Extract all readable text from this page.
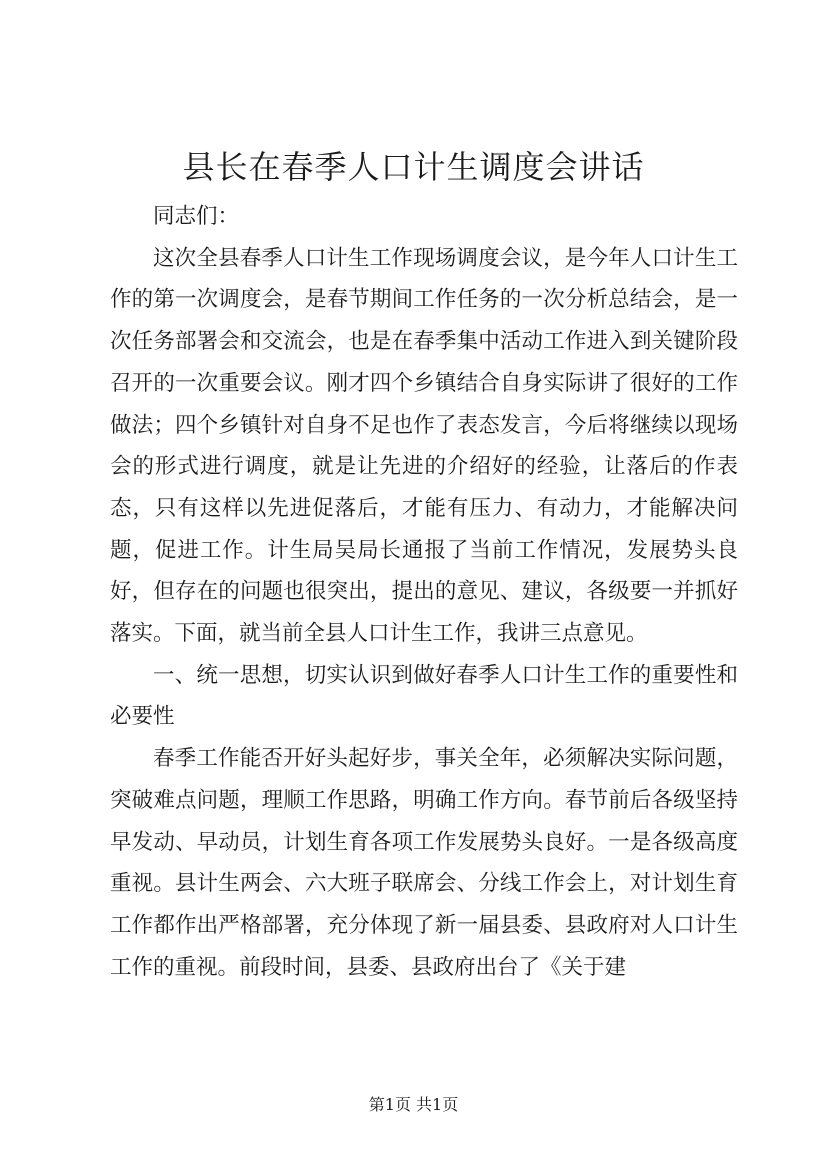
县长在春季人口计生调度会讲话

同志们：

这次全县春季人口计生工作现场调度会议，是今年人口计生工作的第一次调度会，是春节期间工作任务的一次分析总结会，是一次任务部署会和交流会，也是在春季集中活动工作进入到关键阶段召开的一次重要会议。刚才四个乡镇结合自身实际讲了很好的工作做法；四个乡镇针对自身不足也作了表态发言，今后将继续以现场会的形式进行调度，就是让先进的介绍好的经验，让落后的作表态，只有这样以先进促落后，才能有压力、有动力，才能解决问题，促进工作。计生局吴局长通报了当前工作情况，发展势头良好，但存在的问题也很突出，提出的意见、建议，各级要一并抓好落实。下面，就当前全县人口计生工作，我讲三点意见。

一、统一思想，切实认识到做好春季人口计生工作的重要性和必要性

春季工作能否开好头起好步，事关全年，必须解决实际问题，突破难点问题，理顺工作思路，明确工作方向。春节前后各级坚持早发动、早动员，计划生育各项工作发展势头良好。一是各级高度重视。县计生两会、六大班子联席会、分线工作会上，对计划生育工作都作出严格部署，充分体现了新一届县委、县政府对人口计生工作的重视。前段时间，县委、县政府出台了《关于建

第1页 共1页
